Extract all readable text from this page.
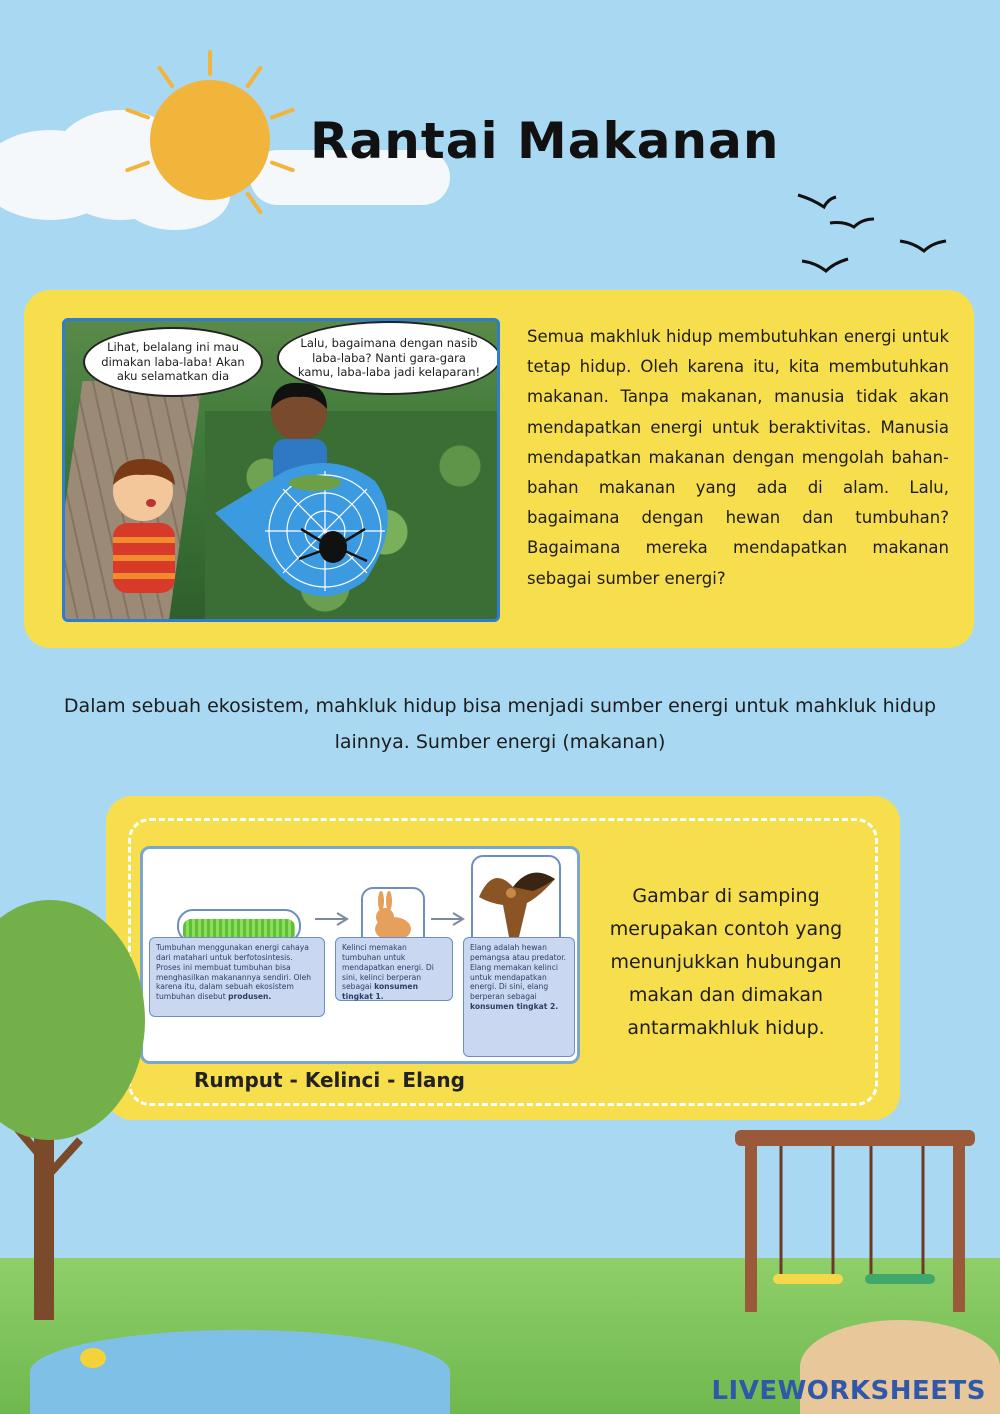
Rantai Makanan
Lihat, belalang ini mau dimakan laba-laba! Akan aku selamatkan dia
Lalu, bagaimana dengan nasib laba-laba? Nanti gara-gara kamu, laba-laba jadi kelaparan!

Semua makhluk hidup membutuhkan energi untuk tetap hidup. Oleh karena itu, kita membutuhkan makanan. Tanpa makanan, manusia tidak akan mendapatkan energi untuk beraktivitas. Manusia mendapatkan makanan dengan mengolah bahan-bahan makanan yang ada di alam. Lalu, bagaimana dengan hewan dan tumbuhan? Bagaimana mereka mendapatkan makanan sebagai sumber energi?

Dalam sebuah ekosistem, mahkluk hidup bisa menjadi sumber energi untuk mahkluk hidup lainnya. Sumber energi (makanan)

Tumbuhan menggunakan energi cahaya dari matahari untuk berfotosintesis. Proses ini membuat tumbuhan bisa menghasilkan makanannya sendiri. Oleh karena itu, dalam sebuah ekosistem tumbuhan disebut produsen.
Kelinci memakan tumbuhan untuk mendapatkan energi. Di sini, kelinci berperan sebagai konsumen tingkat 1.
Elang adalah hewan pemangsa atau predator. Elang memakan kelinci untuk mendapatkan energi. Di sini, elang berperan sebagai konsumen tingkat 2.

Rumput - Kelinci - Elang

Gambar di samping merupakan contoh yang menunjukkan hubungan makan dan dimakan antarmakhluk hidup.

LIVEWORKSHEETS
